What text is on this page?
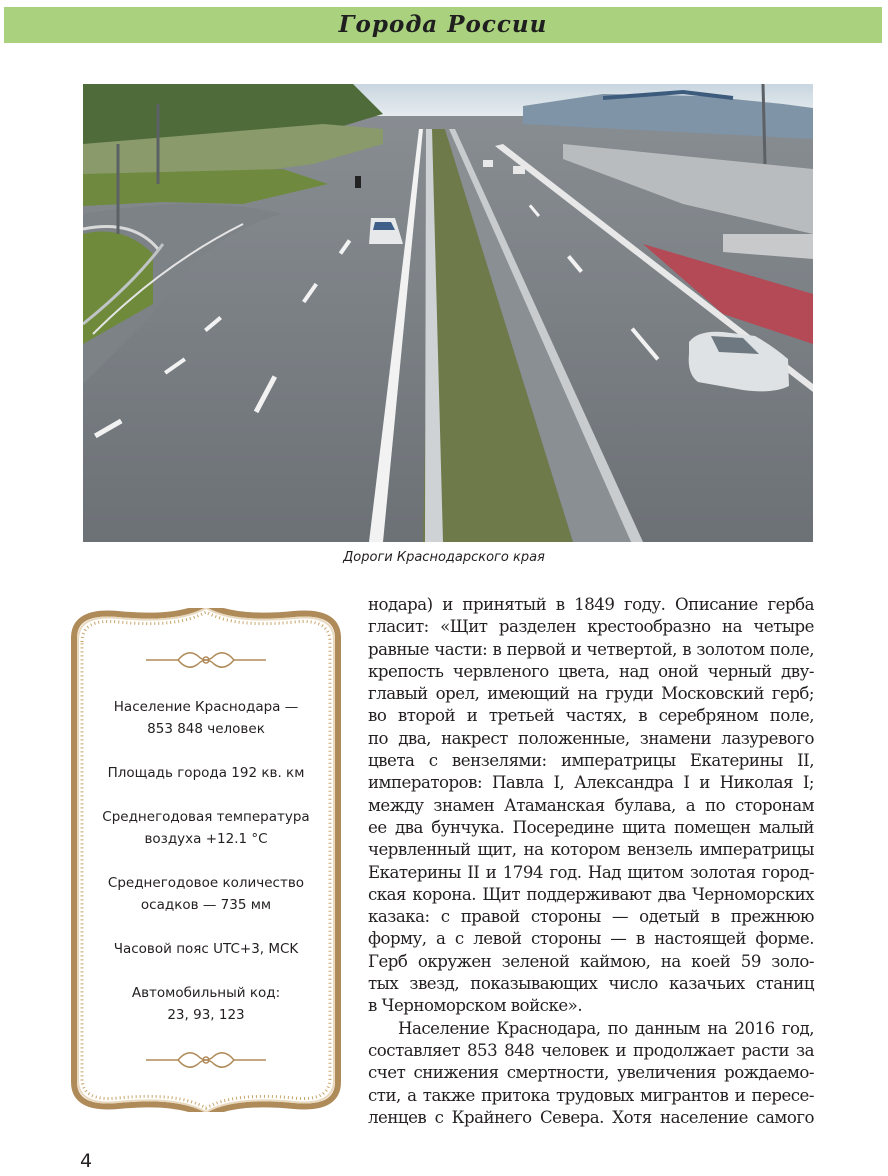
Города России
Дороги Краснодарского края
Население Краснодара —
853 848 человек
Площадь города 192 кв. км
Среднегодовая температура
воздуха +12.1 °С
Среднегодовое количество
осадков — 735 мм
Часовой пояс UTC+3, MCK
Автомобильный код:
23, 93, 123
нодара) и принятый в 1849 году. Описание герба
гласит: «Щит разделен крестообразно на четыре
равные части: в первой и четвертой, в золотом поле,
крепость червленого цвета, над оной черный дву-
главый орел, имеющий на груди Московский герб;
во второй и третьей частях, в серебряном поле,
по два, накрест положенные, знамени лазуревого
цвета с вензелями: императрицы Екатерины II,
императоров: Павла I, Александра I и Николая I;
между знамен Атаманская булава, а по сторонам
ее два бунчука. Посередине щита помещен малый
червленный щит, на котором вензель императрицы
Екатерины II и 1794 год. Над щитом золотая город-
ская корона. Щит поддерживают два Черноморских
казака: с правой стороны — одетый в прежнюю
форму, а с левой стороны — в настоящей форме.
Герб окружен зеленой каймою, на коей 59 золо-
тых звезд, показывающих число казачьих станиц
в Черноморском войске».
Население Краснодара, по данным на 2016 год,
составляет 853 848 человек и продолжает расти за
счет снижения смертности, увеличения рождаемо-
сти, а также притока трудовых мигрантов и пересе-
ленцев с Крайнего Севера. Хотя население самого
4
